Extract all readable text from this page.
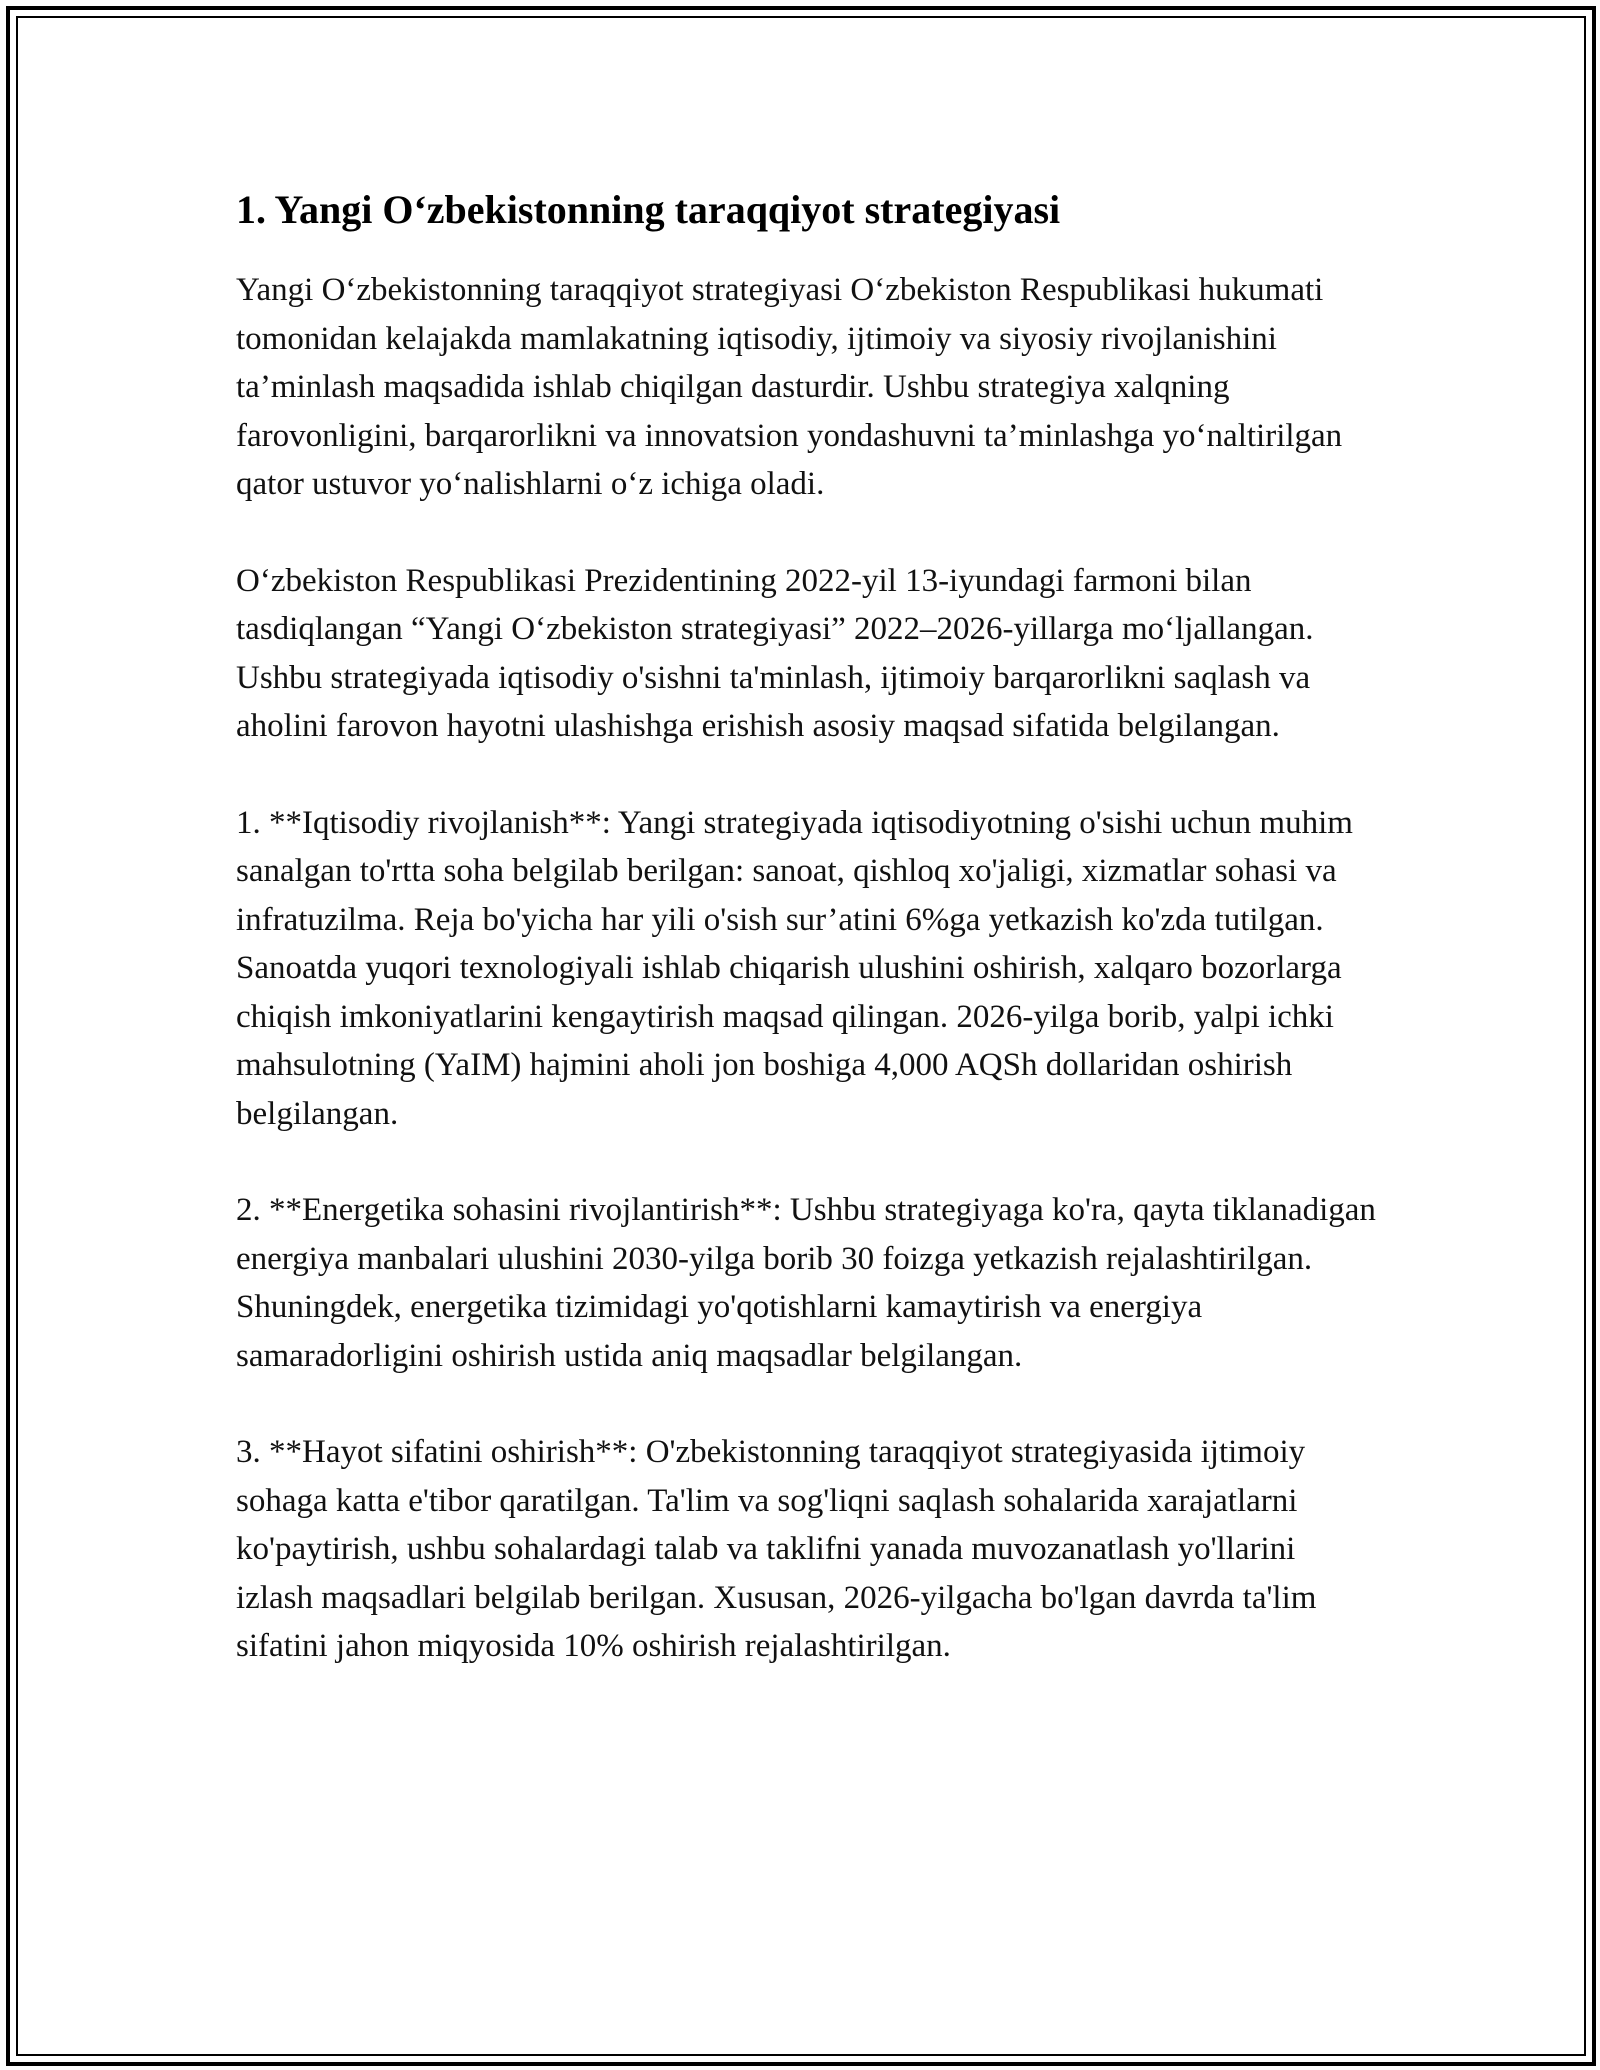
1. Yangi O‘zbekistonning taraqqiyot strategiyasi

Yangi O‘zbekistonning taraqqiyot strategiyasi O‘zbekiston Respublikasi hukumati tomonidan kelajakda mamlakatning iqtisodiy, ijtimoiy va siyosiy rivojlanishini ta’minlash maqsadida ishlab chiqilgan dasturdir. Ushbu strategiya xalqning farovonligini, barqarorlikni va innovatsion yondashuvni ta’minlashga yo‘naltirilgan qator ustuvor yo‘nalishlarni o‘z ichiga oladi.

O‘zbekiston Respublikasi Prezidentining 2022-yil 13-iyundagi farmoni bilan tasdiqlangan “Yangi O‘zbekiston strategiyasi” 2022–2026-yillarga mo‘ljallangan. Ushbu strategiyada iqtisodiy o'sishni ta'minlash, ijtimoiy barqarorlikni saqlash va aholini farovon hayotni ulashishga erishish asosiy maqsad sifatida belgilangan.

1. **Iqtisodiy rivojlanish**: Yangi strategiyada iqtisodiyotning o'sishi uchun muhim sanalgan to'rtta soha belgilab berilgan: sanoat, qishloq xo'jaligi, xizmatlar sohasi va infratuzilma. Reja bo'yicha har yili o'sish sur’atini 6%ga yetkazish ko'zda tutilgan. Sanoatda yuqori texnologiyali ishlab chiqarish ulushini oshirish, xalqaro bozorlarga chiqish imkoniyatlarini kengaytirish maqsad qilingan. 2026-yilga borib, yalpi ichki mahsulotning (YaIM) hajmini aholi jon boshiga 4,000 AQSh dollaridan oshirish belgilangan.

2. **Energetika sohasini rivojlantirish**: Ushbu strategiyaga ko'ra, qayta tiklanadigan energiya manbalari ulushini 2030-yilga borib 30 foizga yetkazish rejalashtirilgan. Shuningdek, energetika tizimidagi yo'qotishlarni kamaytirish va energiya samaradorligini oshirish ustida aniq maqsadlar belgilangan.

3. **Hayot sifatini oshirish**: O'zbekistonning taraqqiyot strategiyasida ijtimoiy sohaga katta e'tibor qaratilgan. Ta'lim va sog'liqni saqlash sohalarida xarajatlarni ko'paytirish, ushbu sohalardagi talab va taklifni yanada muvozanatlash yo'llarini izlash maqsadlari belgilab berilgan. Xususan, 2026-yilgacha bo'lgan davrda ta'lim sifatini jahon miqyosida 10% oshirish rejalashtirilgan.
